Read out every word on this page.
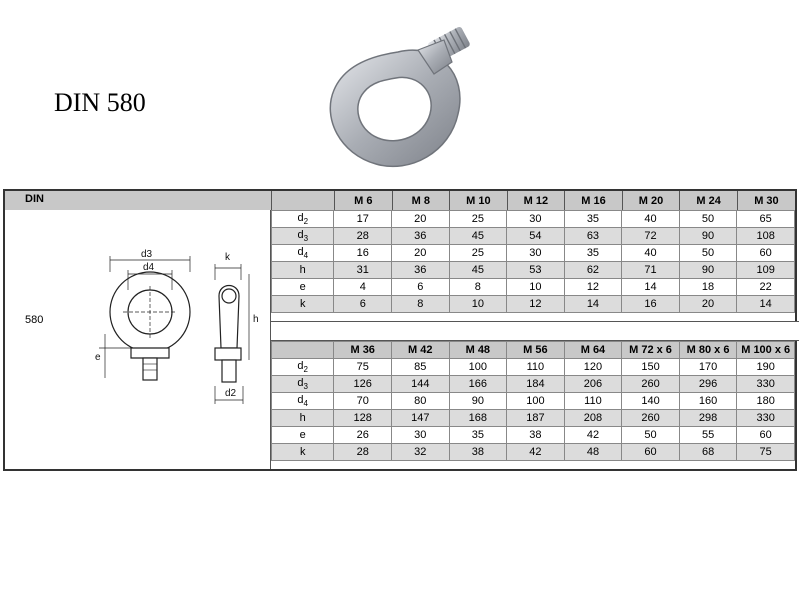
DIN 580
DIN	M 6	M 8	M 10	M 12	M 16	M 20	M 24	M 30
580
d3
d4
e
k
h
d2
$d_2$	17	20	25	30	35	40	50	65
$d_3$	28	36	45	54	63	72	90	108
$d_4$	16	20	25	30	35	40	50	60
h	31	36	45	53	62	71	90	109
e	4	6	8	10	12	14	18	22
k	6	8	10	12	14	16	20	14
	M 36	M 42	M 48	M 56	M 64	M 72 x 6	M 80 x 6	M 100 x 6
$d_2$	75	85	100	110	120	150	170	190
$d_3$	126	144	166	184	206	260	296	330
$d_4$	70	80	90	100	110	140	160	180
h	128	147	168	187	208	260	298	330
e	26	30	35	38	42	50	55	60
k	28	32	38	42	48	60	68	75
